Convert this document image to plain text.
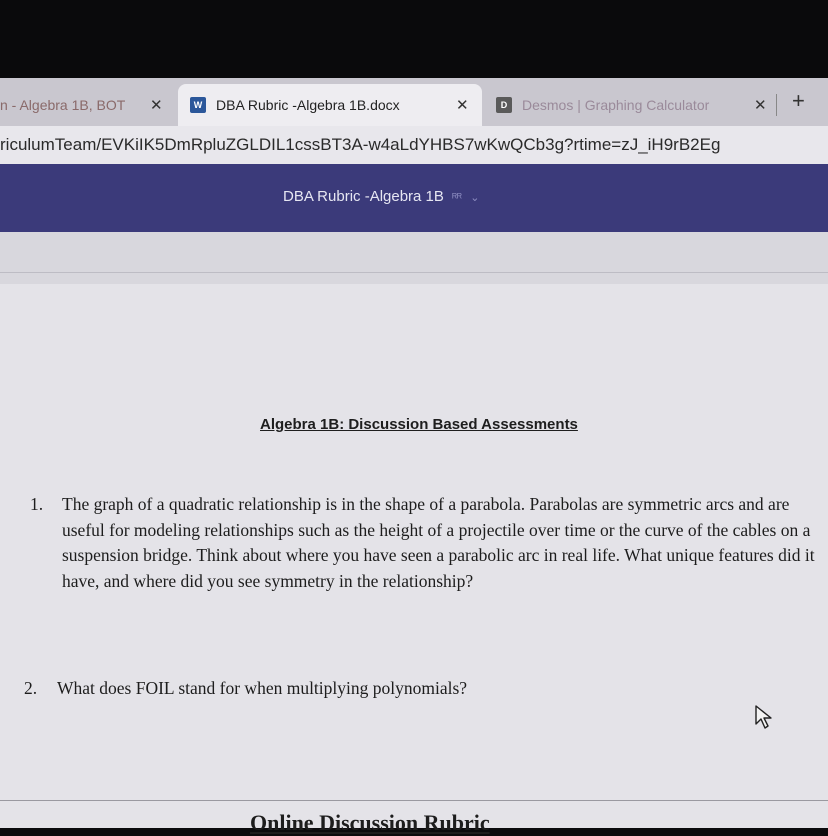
n - Algebra 1B, BOT ✕	W DBA Rubric -Algebra 1B.docx	✕	D	Desmos | Graphing Calculator	✕ +
riculumTeam/EVKiIK5DmRpluZGLDIL1cssBT3A-w4aLdYHBS7wKwQCb3g?rtime=zJ_iH9rB2Eg
DBA Rubric -Algebra 1B ᴿᴿ ⌄
Algebra 1B: Discussion Based Assessments
1. The graph of a quadratic relationship is in the shape of a parabola. Parabolas are symmetric arcs and are useful for modeling relationships such as the height of a projectile over time or the curve of the cables on a suspension bridge. Think about where you have seen a parabolic arc in real life. What unique features did it have, and where did you see symmetry in the relationship?
2. What does FOIL stand for when multiplying polynomials?
Online Discussion Rubric
